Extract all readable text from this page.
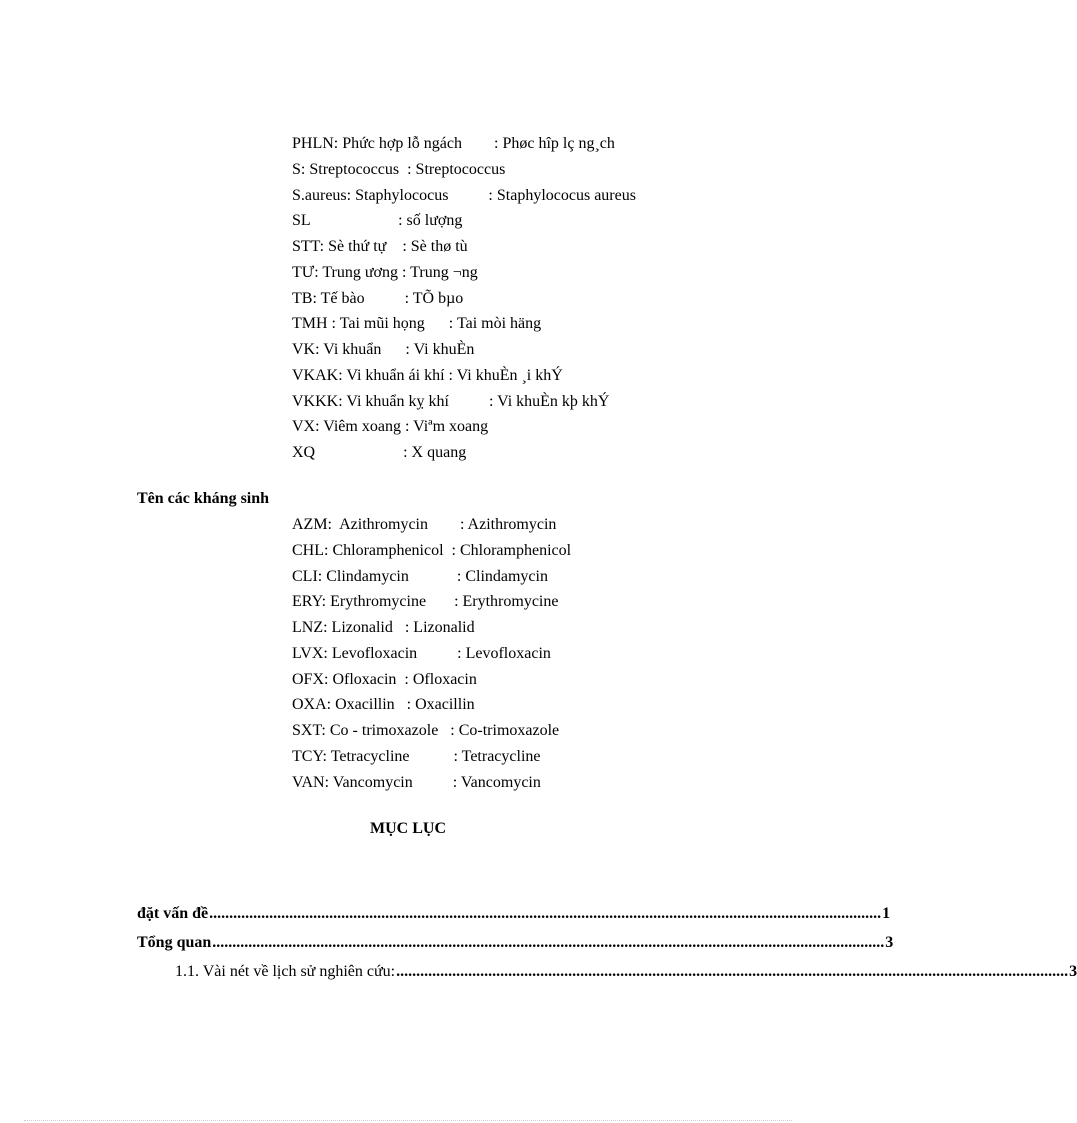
PHLN: Phức hợp lỗ ngách        : Phøc hîp lç ng¸ch
S: Streptococcus  : Streptococcus
S.aureus: Staphylococus          : Staphylococus aureus
SL                      : số lượng
STT: Sè thứ tự    : Sè thø tù
TƯ: Trung ương : Trung ¬ng
TB: Tế bào          : TÕ bµo
TMH : Tai mũi họng      : Tai mòi häng
VK: Vi khuẩn      : Vi khuÈn
VKAK: Vi khuẩn ái khí : Vi khuÈn ¸i khÝ
VKKK: Vi khuẩn kỵ khí          : Vi khuÈn kþ khÝ
VX: Viêm xoang : Viªm xoang
XQ                      : X quang
Tên các kháng sinh
AZM:  Azithromycin        : Azithromycin
CHL: Chloramphenicol  : Chloramphenicol
CLI: Clindamycin            : Clindamycin
ERY: Erythromycine       : Erythromycine
LNZ: Lizonalid   : Lizonalid
LVX: Levofloxacin          : Levofloxacin
OFX: Ofloxacin  : Ofloxacin
OXA: Oxacillin   : Oxacillin
SXT: Co - trimoxazole   : Co-trimoxazole
TCY: Tetracycline           : Tetracycline
VAN: Vancomycin          : Vancomycin
MỤC LỤC
đặt vấn đề ........................................................................................................................................................................ 1
Tổng quan ........................................................................................................................................................................ 3
1.1. Vài nét về lịch sử nghiên cứu: ........................................................................................................................................................................ 3
